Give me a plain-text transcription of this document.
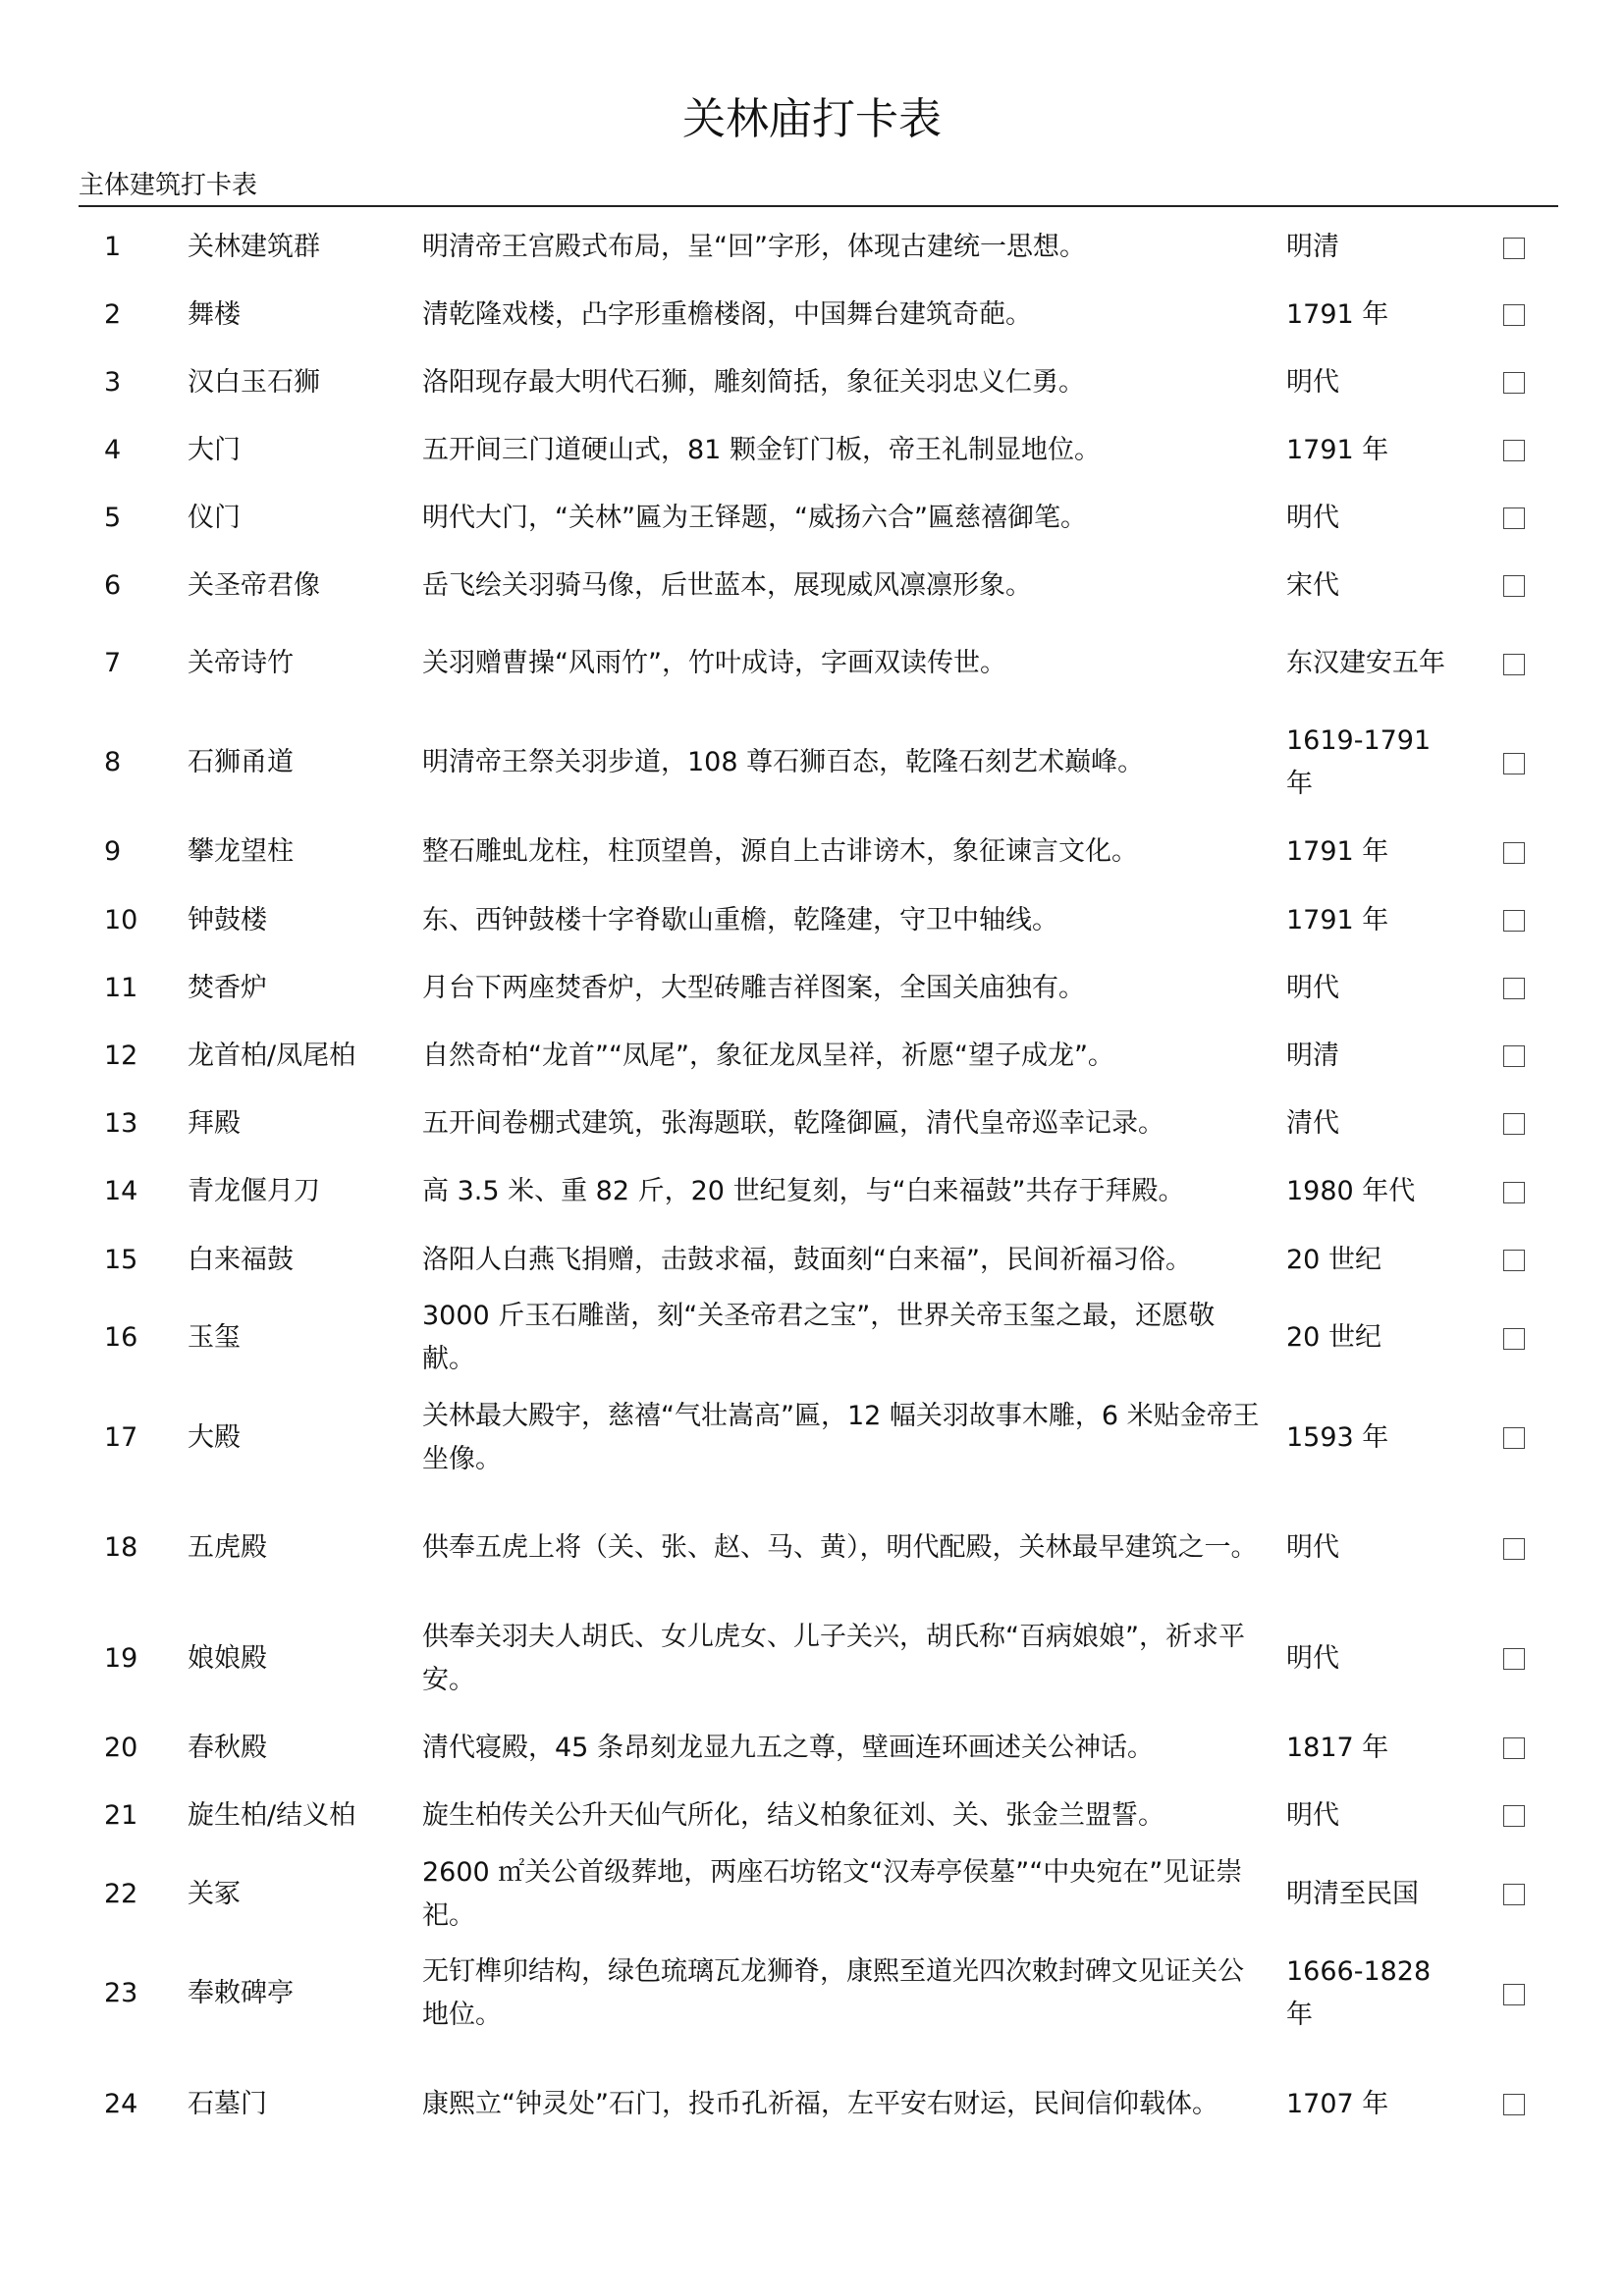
关林庙打卡表
主体建筑打卡表
1	关林建筑群	明清帝王宫殿式布局，呈“回”字形，体现古建统一思想。	明清	
2	舞楼	清乾隆戏楼，凸字形重檐楼阁，中国舞台建筑奇葩。	1791 年	
3	汉白玉石狮	洛阳现存最大明代石狮，雕刻简括，象征关羽忠义仁勇。	明代	
4	大门	五开间三门道硬山式，81 颗金钉门板，帝王礼制显地位。	1791 年	
5	仪门	明代大门，“关林”匾为王铎题，“威扬六合”匾慈禧御笔。	明代	
6	关圣帝君像	岳飞绘关羽骑马像，后世蓝本，展现威风凛凛形象。	宋代	
7	关帝诗竹	关羽赠曹操“风雨竹”，竹叶成诗，字画双读传世。	东汉建安五年	
8	石狮甬道	明清帝王祭关羽步道，108 尊石狮百态，乾隆石刻艺术巅峰。	1619-1791 年	
9	攀龙望柱	整石雕虬龙柱，柱顶望兽，源自上古诽谤木，象征谏言文化。	1791 年	
10	钟鼓楼	东、西钟鼓楼十字脊歇山重檐，乾隆建，守卫中轴线。	1791 年	
11	焚香炉	月台下两座焚香炉，大型砖雕吉祥图案，全国关庙独有。	明代	
12	龙首柏/凤尾柏	自然奇柏“龙首”“凤尾”，象征龙凤呈祥，祈愿“望子成龙”。	明清	
13	拜殿	五开间卷棚式建筑，张海题联，乾隆御匾，清代皇帝巡幸记录。	清代	
14	青龙偃月刀	高 3.5 米、重 82 斤，20 世纪复刻，与“白来福鼓”共存于拜殿。	1980 年代	
15	白来福鼓	洛阳人白燕飞捐赠，击鼓求福，鼓面刻“白来福”，民间祈福习俗。	20 世纪	
16	玉玺	3000 斤玉石雕凿，刻“关圣帝君之宝”，世界关帝玉玺之最，还愿敬献。	20 世纪	
17	大殿	关林最大殿宇，慈禧“气壮嵩高”匾，12 幅关羽故事木雕，6 米贴金帝王坐像。	1593 年	
18	五虎殿	供奉五虎上将（关、张、赵、马、黄），明代配殿，关林最早建筑之一。	明代	
19	娘娘殿	供奉关羽夫人胡氏、女儿虎女、儿子关兴，胡氏称“百病娘娘”，祈求平安。	明代	
20	春秋殿	清代寝殿，45 条昂刻龙显九五之尊，壁画连环画述关公神话。	1817 年	
21	旋生柏/结义柏	旋生柏传关公升天仙气所化，结义柏象征刘、关、张金兰盟誓。	明代	
22	关冢	2600 ㎡关公首级葬地，两座石坊铭文“汉寿亭侯墓”“中央宛在”见证崇祀。	明清至民国	
23	奉敕碑亭	无钉榫卯结构，绿色琉璃瓦龙狮脊，康熙至道光四次敕封碑文见证关公地位。	1666-1828 年	
24	石墓门	康熙立“钟灵处”石门，投币孔祈福，左平安右财运，民间信仰载体。	1707 年	
